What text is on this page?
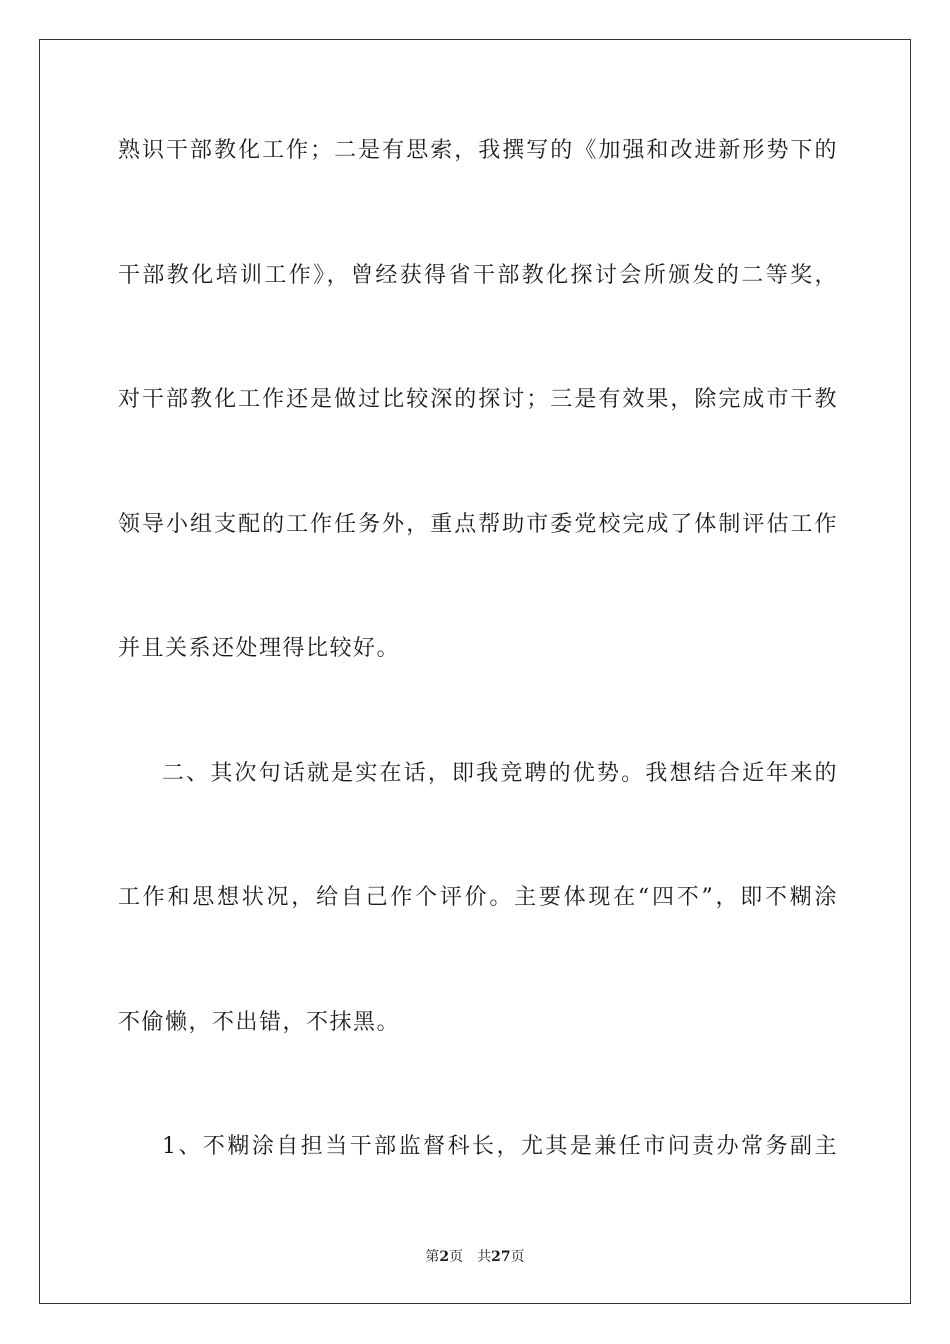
熟识干部教化工作；二是有思索，我撰写的《加强和改进新形势下的
干部教化培训工作》，曾经获得省干部教化探讨会所颁发的二等奖，
对干部教化工作还是做过比较深的探讨；三是有效果，除完成市干教
领导小组支配的工作任务外，重点帮助市委党校完成了体制评估工作
并且关系还处理得比较好。
二、其次句话就是实在话，即我竞聘的优势。我想结合近年来的
工作和思想状况，给自己作个评价。主要体现在“四不”，即不糊涂
不偷懒，不出错，不抹黑。
1、不糊涂自担当干部监督科长，尤其是兼任市问责办常务副主
第2页 共27页
